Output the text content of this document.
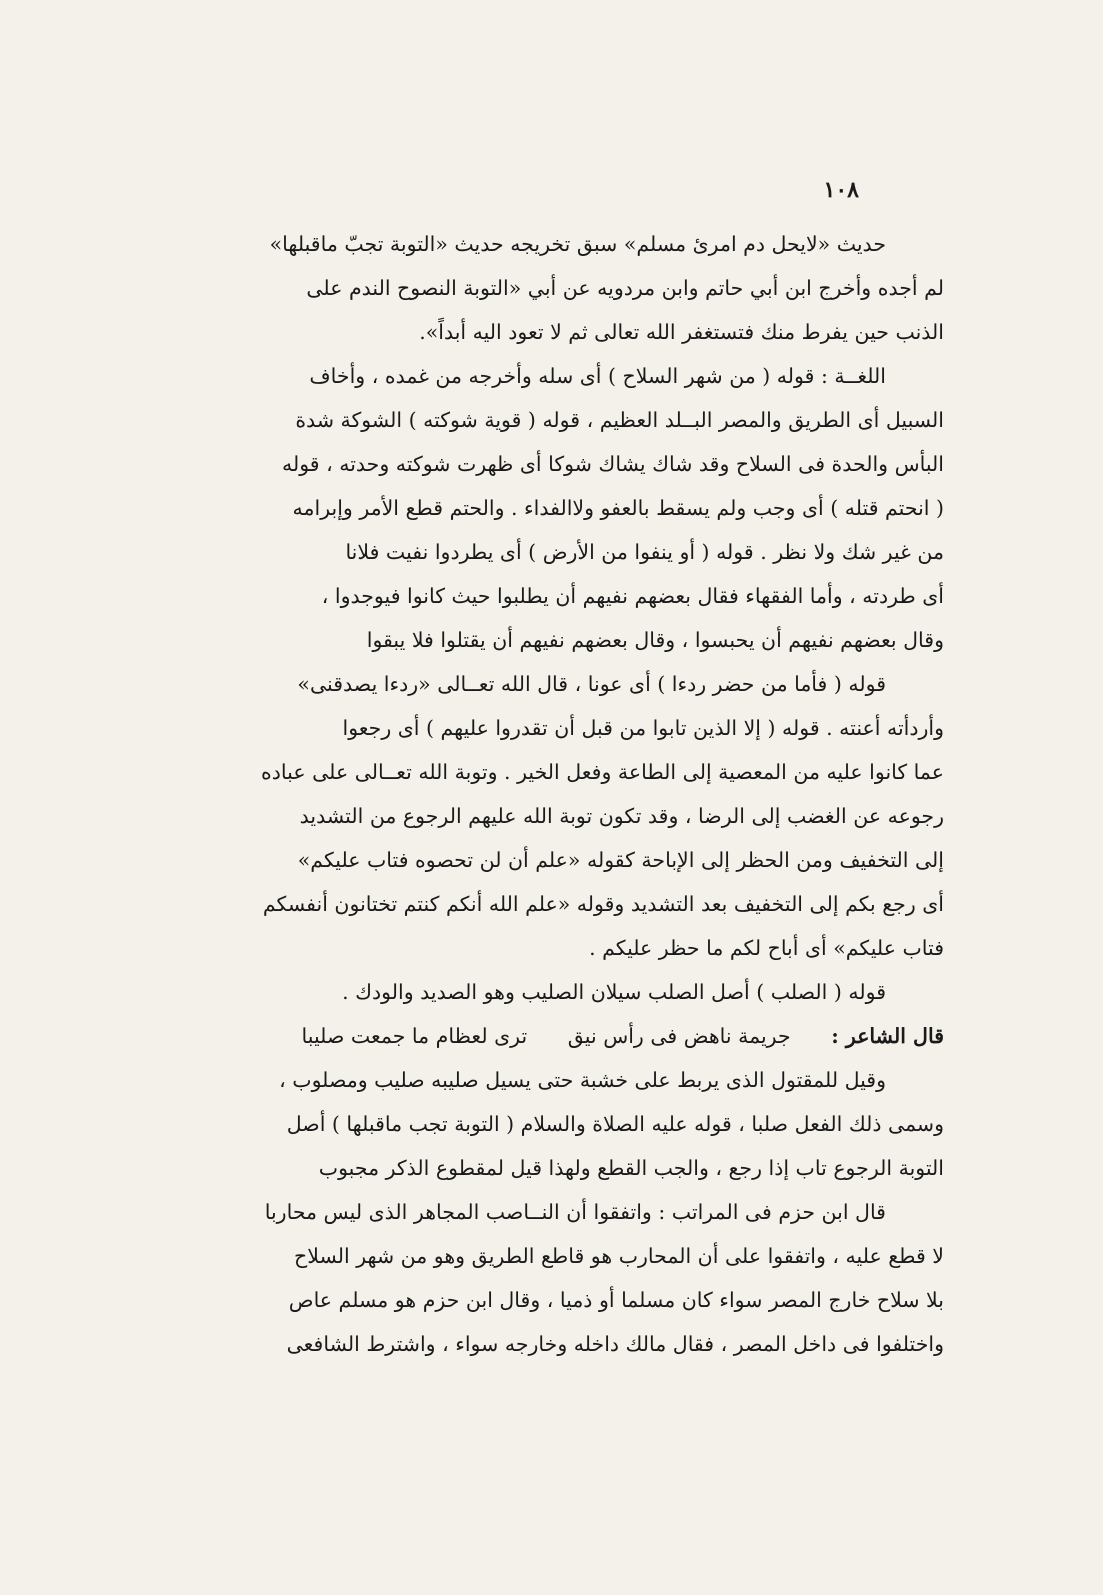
١٠٨

حديث «لايحل دم امرئ مسلم» سبق تخريجه حديث «التوبة تجبّ ماقبلها»
لم أجده وأخرج ابن أبي حاتم وابن مردويه عن أبي «التوبة النصوح الندم على
الذنب حين يفرط منك فتستغفر الله تعالى ثم لا تعود اليه أبداً».
اللغــة : قوله ( من شهر السلاح ) أى سله وأخرجه من غمده ، وأخاف
السبيل أى الطريق والمصر البــلد العظيم ، قوله ( قوية شوكته ) الشوكة شدة
البأس والحدة فى السلاح وقد شاك يشاك شوكا أى ظهرت شوكته وحدته ، قوله
( انحتم قتله ) أى وجب ولم يسقط بالعفو ولاالفداء . والحتم قطع الأمر وإبرامه
من غير شك ولا نظر . قوله ( أو ينفوا من الأرض ) أى يطردوا نفيت فلانا
أى طردته ، وأما الفقهاء فقال بعضهم نفيهم أن يطلبوا حيث كانوا فيوجدوا ،
وقال بعضهم نفيهم أن يحبسوا ، وقال بعضهم نفيهم أن يقتلوا فلا يبقوا
قوله ( فأما من حضر ردءا ) أى عونا ، قال الله تعــالى «ردءا يصدقنى»
وأردأته أعنته . قوله ( إلا الذين تابوا من قبل أن تقدروا عليهم ) أى رجعوا
عما كانوا عليه من المعصية إلى الطاعة وفعل الخير . وتوبة الله تعــالى على عباده
رجوعه عن الغضب إلى الرضا ، وقد تكون توبة الله عليهم الرجوع من التشديد
إلى التخفيف ومن الحظر إلى الإباحة كقوله «علم أن لن تحصوه فتاب عليكم»
أى رجع بكم إلى التخفيف بعد التشديد وقوله «علم الله أنكم كنتم تختانون أنفسكم
فتاب عليكم» أى أباح لكم ما حظر عليكم .
قوله ( الصلب ) أصل الصلب سيلان الصليب وهو الصديد والودك .
قال الشاعر : جريمة ناهض فى رأس نيق ترى لعظام ما جمعت صليبا
وقيل للمقتول الذى يربط على خشبة حتى يسيل صليبه صليب ومصلوب ،
وسمى ذلك الفعل صلبا ، قوله عليه الصلاة والسلام ( التوبة تجب ماقبلها ) أصل
التوبة الرجوع تاب إذا رجع ، والجب القطع ولهذا قيل لمقطوع الذكر مجبوب
قال ابن حزم فى المراتب : واتفقوا أن النــاصب المجاهر الذى ليس محاربا
لا قطع عليه ، واتفقوا على أن المحارب هو قاطع الطريق وهو من شهر السلاح
بلا سلاح خارج المصر سواء كان مسلما أو ذميا ، وقال ابن حزم هو مسلم عاص
واختلفوا فى داخل المصر ، فقال مالك داخله وخارجه سواء ، واشترط الشافعى
